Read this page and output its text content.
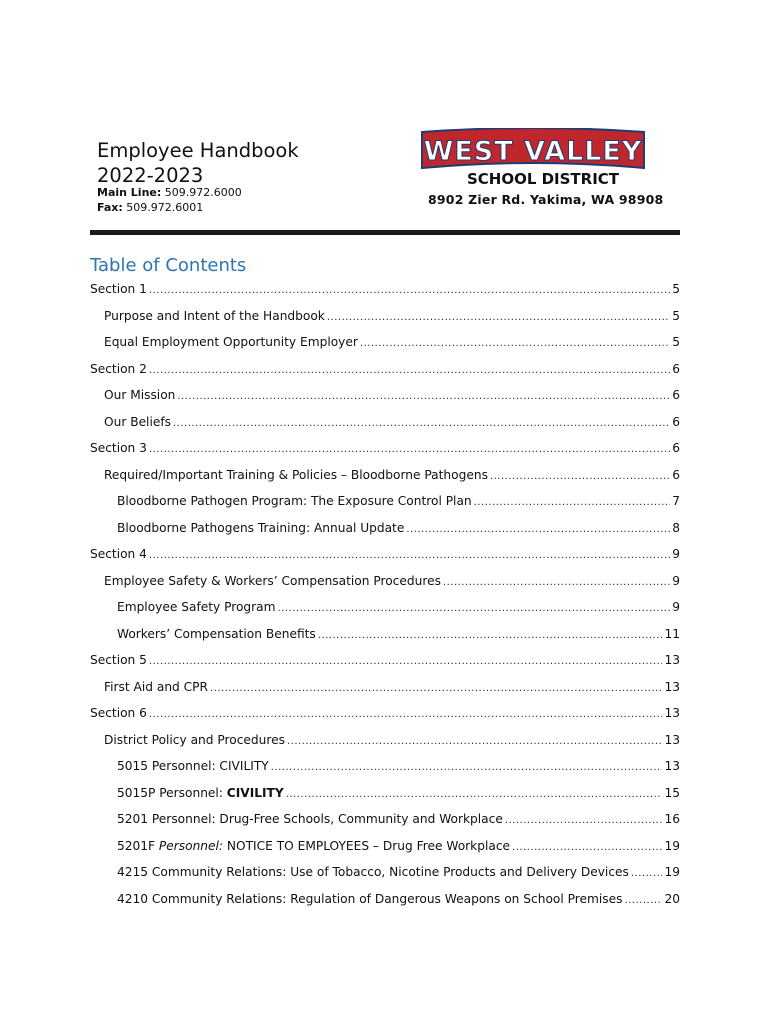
Employee Handbook
2022-2023
Main Line: 509.972.6000
Fax: 509.972.6001
WEST VALLEY
SCHOOL DISTRICT
8902 Zier Rd. Yakima, WA 98908
Table of Contents
Section 1 .....	5
Purpose and Intent of the Handbook .....	5
Equal Employment Opportunity Employer .....	5
Section 2 .....	6
Our Mission .....	6
Our Beliefs .....	6
Section 3 .....	6
Required/Important Training & Policies – Bloodborne Pathogens .....	6
Bloodborne Pathogen Program: The Exposure Control Plan .....	7
Bloodborne Pathogens Training: Annual Update .....	8
Section 4 .....	9
Employee Safety & Workers’ Compensation Procedures .....	9
Employee Safety Program .....	9
Workers’ Compensation Benefits .....	11
Section 5 .....	13
First Aid and CPR .....	13
Section 6 .....	13
District Policy and Procedures .....	13
5015 Personnel: CIVILITY .....	13
5015P Personnel: CIVILITY .....	15
5201 Personnel: Drug-Free Schools, Community and Workplace .....	16
5201F Personnel: NOTICE TO EMPLOYEES – Drug Free Workplace .....	19
4215 Community Relations: Use of Tobacco, Nicotine Products and Delivery Devices .....	19
4210 Community Relations: Regulation of Dangerous Weapons on School Premises .....	20
